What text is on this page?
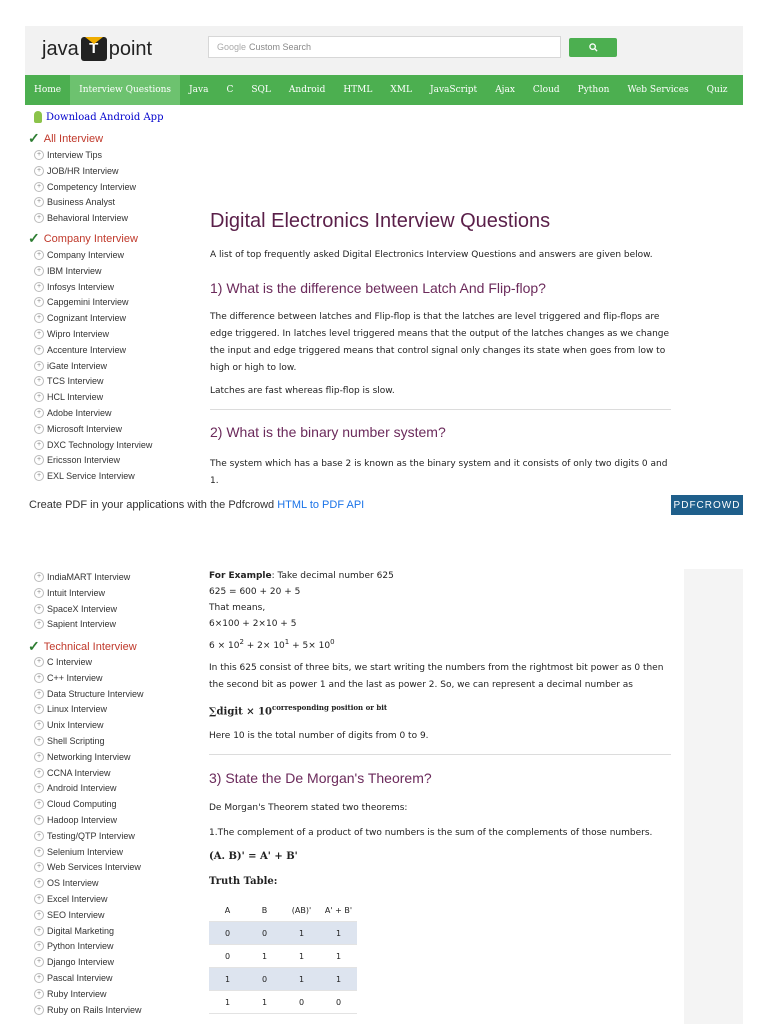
java T point	Google Custom Search
Home	Interview Questions	Java	C	SQL	Android	HTML	XML	JavaScript	Ajax	Cloud	Python	Web Services	Quiz
Download Android App
✓ All Interview
+ Interview Tips
+ JOB/HR Interview
+ Competency Interview
+ Business Analyst
+ Behavioral Interview
✓ Company Interview
+ Company Interview
+ IBM Interview
+ Infosys Interview
+ Capgemini Interview
+ Cognizant Interview
+ Wipro Interview
+ Accenture Interview
+ iGate Interview
+ TCS Interview
+ HCL Interview
+ Adobe Interview
+ Microsoft Interview
+ DXC Technology Interview
+ Ericsson Interview
+ EXL Service Interview
Digital Electronics Interview Questions
A list of top frequently asked Digital Electronics Interview Questions and answers are given below.
1) What is the difference between Latch And Flip-flop?
The difference between latches and Flip-flop is that the latches are level triggered and flip-flops are
edge triggered. In latches level triggered means that the output of the latches changes as we change
the input and edge triggered means that control signal only changes its state when goes from low to
high or high to low.
Latches are fast whereas flip-flop is slow.
2) What is the binary number system?
The system which has a base 2 is known as the binary system and it consists of only two digits 0 and
1.
Create PDF in your applications with the Pdfcrowd HTML to PDF API	PDFCROWD
+ IndiaMART Interview
+ Intuit Interview
+ SpaceX Interview
+ Sapient Interview
✓ Technical Interview
+ C Interview
+ C++ Interview
+ Data Structure Interview
+ Linux Interview
+ Unix Interview
+ Shell Scripting
+ Networking Interview
+ CCNA Interview
+ Android Interview
+ Cloud Computing
+ Hadoop Interview
+ Testing/QTP Interview
+ Selenium Interview
+ Web Services Interview
+ OS Interview
+ Excel Interview
+ SEO Interview
+ Digital Marketing
+ Python Interview
+ Django Interview
+ Pascal Interview
+ Ruby Interview
+ Ruby on Rails Interview
For Example: Take decimal number 625
625 = 600 + 20 + 5
That means,
6×100 + 2×10 + 5
$6 \times 10^2 + 2\times 10^1 + 5\times 10^0$
In this 625 consist of three bits, we start writing the numbers from the rightmost bit power as 0 then
the second bit as power 1 and the last as power 2. So, we can represent a decimal number as
∑digit × $10^{corresponding position or bit}$
Here 10 is the total number of digits from 0 to 9.
3) State the De Morgan's Theorem?
De Morgan's Theorem stated two theorems:
1.The complement of a product of two numbers is the sum of the complements of those numbers.
(A. B)' = A' + B'
Truth Table:
A	B	(AB)'	A' + B'
0	0	1	1
0	1	1	1
1	0	1	1
1	1	0	0
